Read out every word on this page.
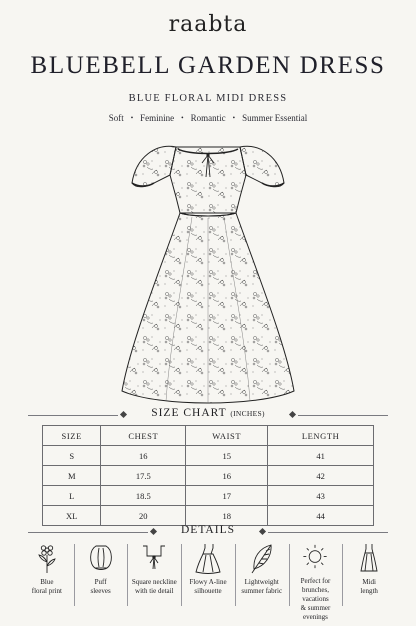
raabta
BLUEBELL GARDEN DRESS
BLUE FLORAL MIDI DRESS
Soft • Feminine • Romantic • Summer Essential
SIZE CHART (INCHES)
SIZE	CHEST	WAIST	LENGTH
S	16	15	41
M	17.5	16	42
L	18.5	17	43
XL	20	18	44
DETAILS
Blue
floral print
Puff
sleeves
Square neckline
with tie detail
Flowy A-line
silhouette
Lightweight
summer fabric
Perfect for
brunches, vacations
& summer evenings
Midi
length
